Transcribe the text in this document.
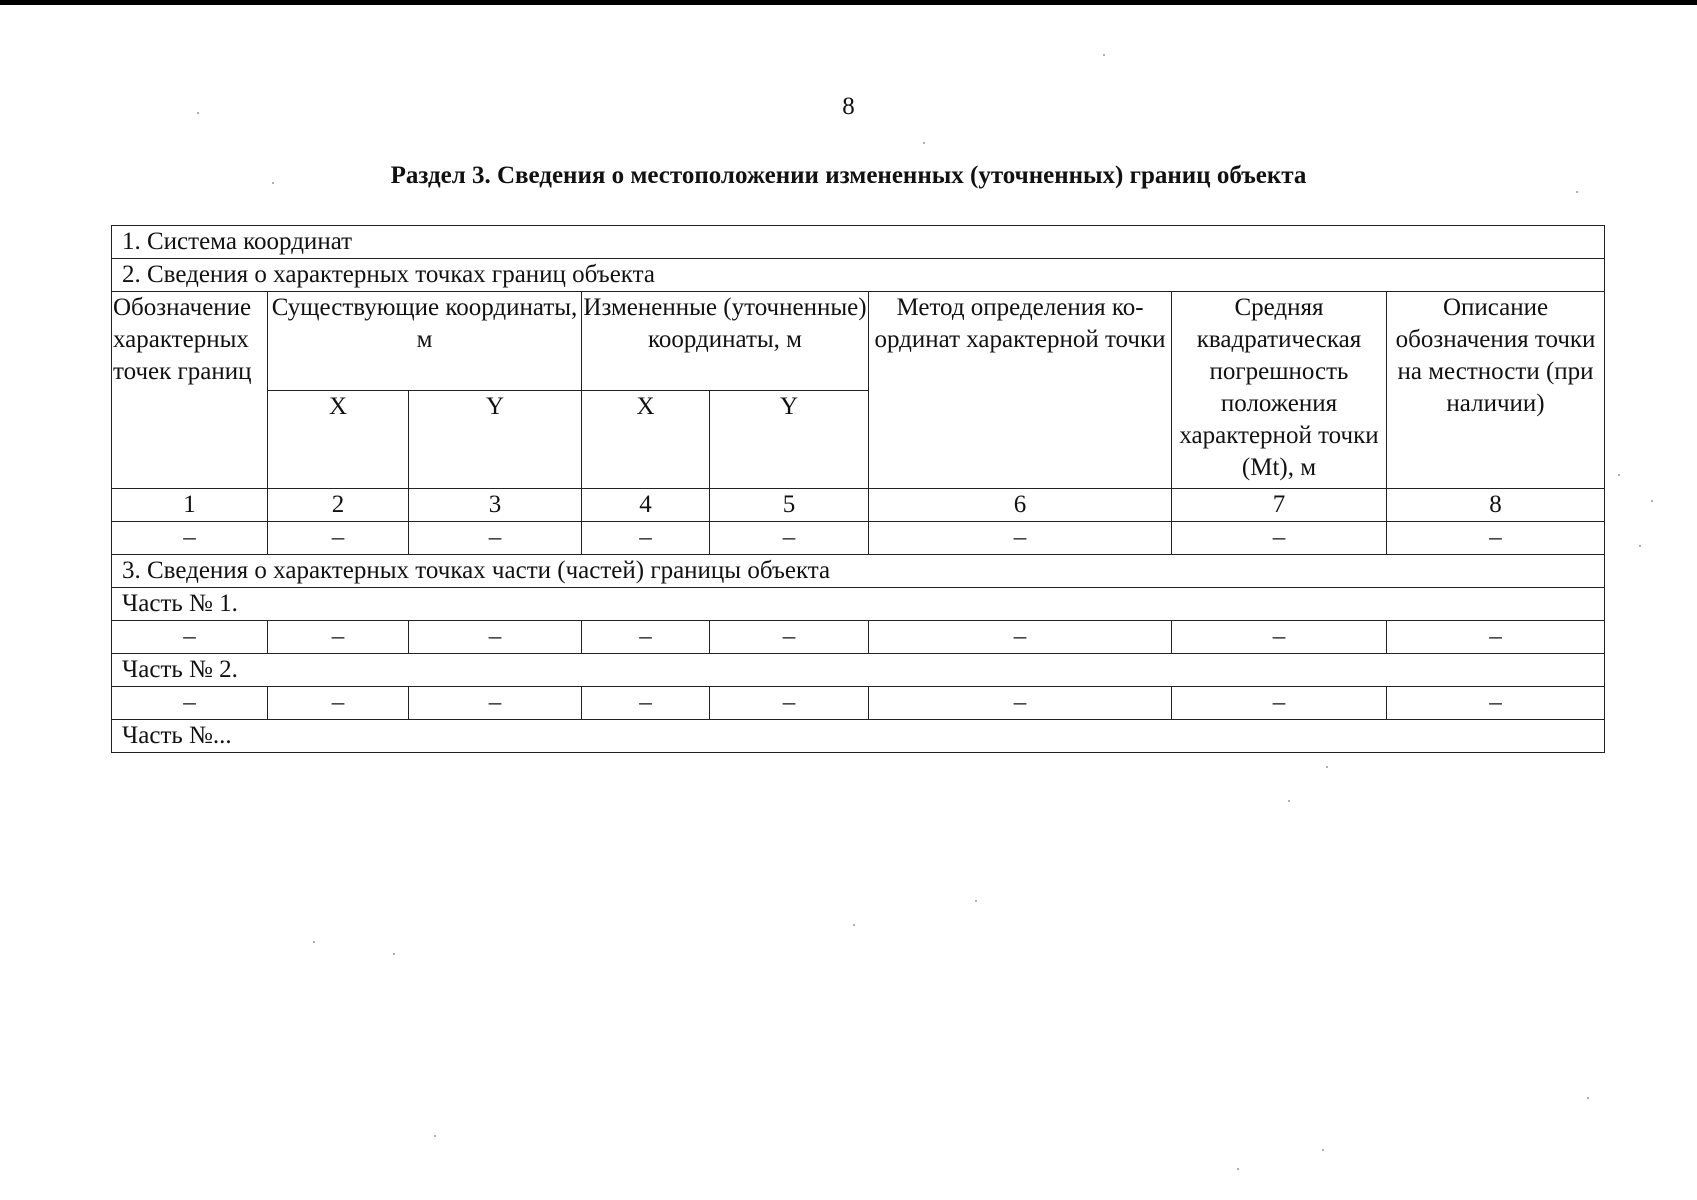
8
Раздел 3. Сведения о местоположении измененных (уточненных) границ объекта
1. Система координат							
2. Сведения о характерных точках границ объекта							
Обозначение характерных точек границ	Существующие координаты, м		Измененные (уточненные) координаты, м		Метод определения ко-ординат характерной точки	Средняя квадратическая погрешность положения характерной точки (Mt), м	Описание обозначения точки на местности (при наличии)
	X	Y	X	Y			
1	2	3	4	5	6	7	8
–	–	–	–	–	–	–	–
3. Сведения о характерных точках части (частей) границы объекта							
Часть № 1.							
–	–	–	–	–	–	–	–
Часть № 2.							
–	–	–	–	–	–	–	–
Часть №...							
